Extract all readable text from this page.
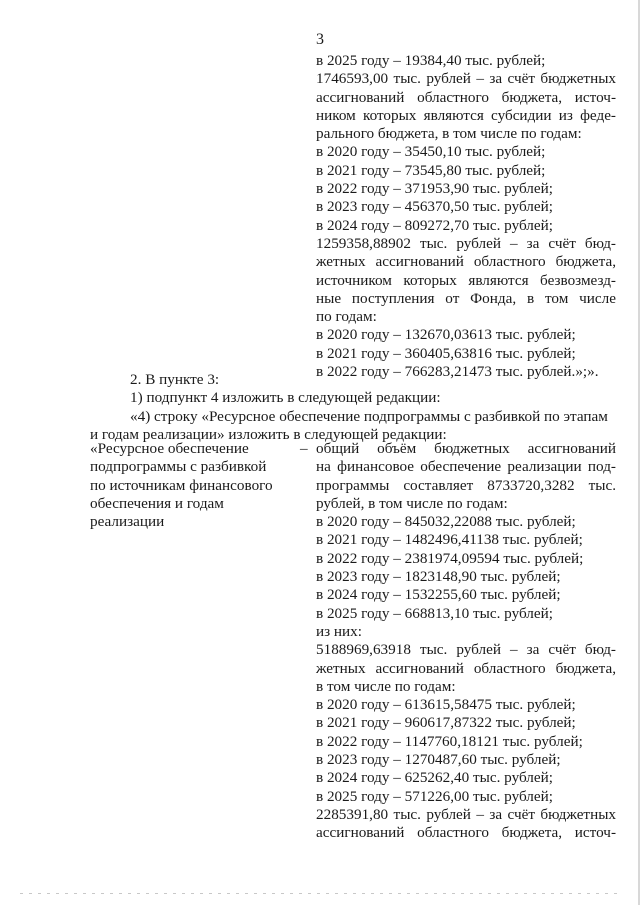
3
в 2025 году – 19384,40 тыс. рублей;
1746593,00 тыс. рублей – за счёт бюджетных
ассигнований областного бюджета, источ-
ником которых являются субсидии из феде-
рального бюджета, в том числе по годам:
в 2020 году – 35450,10 тыс. рублей;
в 2021 году – 73545,80 тыс. рублей;
в 2022 году – 371953,90 тыс. рублей;
в 2023 году – 456370,50 тыс. рублей;
в 2024 году – 809272,70 тыс. рублей;
1259358,88902 тыс. рублей – за счёт бюд-
жетных ассигнований областного бюджета,
источником которых являются безвозмезд-
ные поступления от Фонда, в том числе
по годам:
в 2020 году – 132670,03613 тыс. рублей;
в 2021 году – 360405,63816 тыс. рублей;
в 2022 году – 766283,21473 тыс. рублей.»;».
2. В пункте 3:
1) подпункт 4 изложить в следующей редакции:
«4) строку «Ресурсное обеспечение подпрограммы с разбивкой по этапам
и годам реализации» изложить в следующей редакции:
«Ресурсное обеспечение
подпрограммы с разбивкой
по источникам финансового
обеспечения и годам
реализации
– общий объём бюджетных ассигнований
на финансовое обеспечение реализации под-
программы составляет 8733720,3282 тыс.
рублей, в том числе по годам:
в 2020 году – 845032,22088 тыс. рублей;
в 2021 году – 1482496,41138 тыс. рублей;
в 2022 году – 2381974,09594 тыс. рублей;
в 2023 году – 1823148,90 тыс. рублей;
в 2024 году – 1532255,60 тыс. рублей;
в 2025 году – 668813,10 тыс. рублей;
из них:
5188969,63918 тыс. рублей – за счёт бюд-
жетных ассигнований областного бюджета,
в том числе по годам:
в 2020 году – 613615,58475 тыс. рублей;
в 2021 году – 960617,87322 тыс. рублей;
в 2022 году – 1147760,18121 тыс. рублей;
в 2023 году – 1270487,60 тыс. рублей;
в 2024 году – 625262,40 тыс. рублей;
в 2025 году – 571226,00 тыс. рублей;
2285391,80 тыс. рублей – за счёт бюджетных
ассигнований областного бюджета, источ-
